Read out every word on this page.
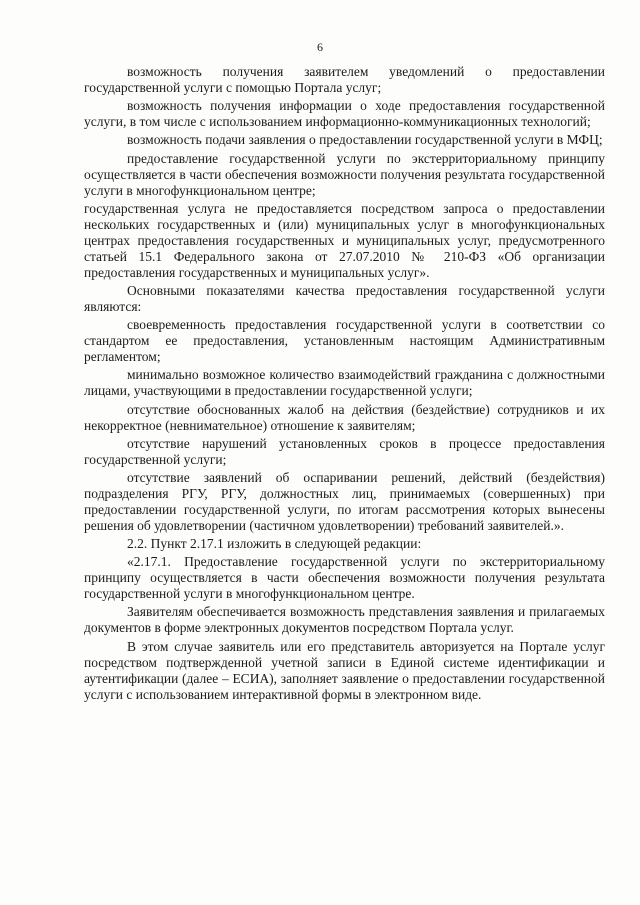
6

возможность получения заявителем уведомлений о предоставлении государственной услуги с помощью Портала услуг;

возможность получения информации о ходе предоставления государственной услуги, в том числе с использованием информационно-коммуникационных технологий;

возможность подачи заявления о предоставлении государственной услуги в МФЦ;

предоставление государственной услуги по экстерриториальному принципу осуществляется в части обеспечения возможности получения результата государственной услуги в многофункциональном центре;

государственная услуга не предоставляется посредством запроса о предоставлении нескольких государственных и (или) муниципальных услуг в многофункциональных центрах предоставления государственных и муниципальных услуг, предусмотренного статьей 15.1 Федерального закона от 27.07.2010 № 210-ФЗ «Об организации предоставления государственных и муниципальных услуг».

Основными показателями качества предоставления государственной услуги являются:

своевременность предоставления государственной услуги в соответствии со стандартом ее предоставления, установленным настоящим Административным регламентом;

минимально возможное количество взаимодействий гражданина с должностными лицами, участвующими в предоставлении государственной услуги;

отсутствие обоснованных жалоб на действия (бездействие) сотрудников и их некорректное (невнимательное) отношение к заявителям;

отсутствие нарушений установленных сроков в процессе предоставления государственной услуги;

отсутствие заявлений об оспаривании решений, действий (бездействия) подразделения РГУ, РГУ, должностных лиц, принимаемых (совершенных) при предоставлении государственной услуги, по итогам рассмотрения которых вынесены решения об удовлетворении (частичном удовлетворении) требований заявителей.».

2.2. Пункт 2.17.1 изложить в следующей редакции:

«2.17.1. Предоставление государственной услуги по экстерриториальному принципу осуществляется в части обеспечения возможности получения результата государственной услуги в многофункциональном центре.

Заявителям обеспечивается возможность представления заявления и прилагаемых документов в форме электронных документов посредством Портала услуг.

В этом случае заявитель или его представитель авторизуется на Портале услуг посредством подтвержденной учетной записи в Единой системе идентификации и аутентификации (далее – ЕСИА), заполняет заявление о предоставлении государственной услуги с использованием интерактивной формы в электронном виде.
